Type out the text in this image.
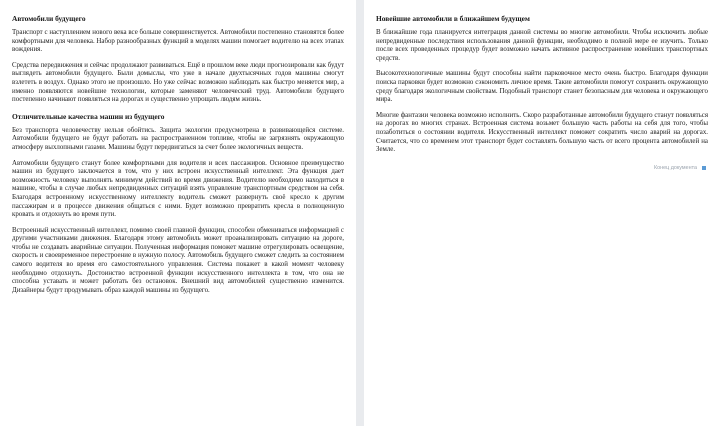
Автомобили будущего

Транспорт с наступлением нового века все больше совершенствуется. Автомобили постепенно становятся более комфортными для человека. Набор разнообразных функций в моделях машин помогает водителю на всех этапах вождения.

Средства передвижения и сейчас продолжают развиваться. Ещё в прошлом веке люди прогнозировали как будут выглядеть автомобили будущего. Были домыслы, что уже в начале двухтысячных годов машины смогут взлететь в воздух. Однако этого не произошло. Но уже сейчас возможно наблюдать как быстро меняется мир, а именно появляются новейшие технологии, которые заменяют человеческий труд. Автомобили будущего постепенно начинают появляться на дорогах и существенно упрощать людям жизнь.

Отличительные качества машин из будущего

Без транспорта человечеству нельзя обойтись. Защита экологии предусмотрена в развивающейся системе. Автомобили будущего не будут работать на распространенном топливе, чтобы не загрязнять окружающую атмосферу выхлопными газами. Машины будут передвигаться за счет более экологичных веществ.

Автомобили будущего станут более комфортными для водителя и всех пассажиров. Основное преимущество машин из будущего заключается в том, что у них встроен искусственный интеллект. Эта функция дает возможность человеку выполнять минимум действий во время движения. Водителю необходимо находиться в машине, чтобы в случае любых непредвиденных ситуаций взять управление транспортным средством на себя. Благодаря встроенному искусственному интеллекту водитель сможет развернуть своё кресло к другим пассажирам и в процессе движения общаться с ними. Будет возможно превратить кресла в полноценную кровать и отдохнуть во время пути.

Встроенный искусственный интеллект, помимо своей главной функции, способен обмениваться информацией с другими участниками движения. Благодаря этому автомобиль может проанализировать ситуацию на дороге, чтобы не создавать аварийные ситуации. Полученная информация поможет машине отрегулировать освещение, скорость и своевременное перестроение в нужную полосу. Автомобиль будущего сможет следить за состоянием самого водителя во время его самостоятельного управления. Система покажет в какой момент человеку необходимо отдохнуть. Достоинство встроенной функции искусственного интеллекта в том, что она не способна уставать и может работать без остановок. Внешний вид автомобилей существенно изменится. Дизайнеры будут продумывать образ каждой машины из будущего.

Новейшие автомобили в ближайшем будущем

В ближайшие года планируется интеграция данной системы во многие автомобили. Чтобы исключить любые непредвиденные последствия использования данной функции, необходимо в полной мере ее изучить. Только после всех проведенных процедур будет возможно начать активное распространение новейших транспортных средств.

Высокотехнологичные машины будут способны найти парковочное место очень быстро. Благодаря функции поиска парковки будет возможно сэкономить личное время. Такие автомобили помогут сохранить окружающую среду благодаря экологичным свойствам. Подобный транспорт станет безопасным для человека и окружающего мира.

Многие фантазии человека возможно исполнить. Скоро разработанные автомобили будущего станут появляться на дорогах во многих странах. Встроенная система возьмет большую часть работы на себя для того, чтобы позаботиться о состоянии водителя. Искусственный интеллект поможет сократить число аварий на дорогах. Считается, что со временем этот транспорт будет составлять большую часть от всего процента автомобилей на Земле.

Конец документа
